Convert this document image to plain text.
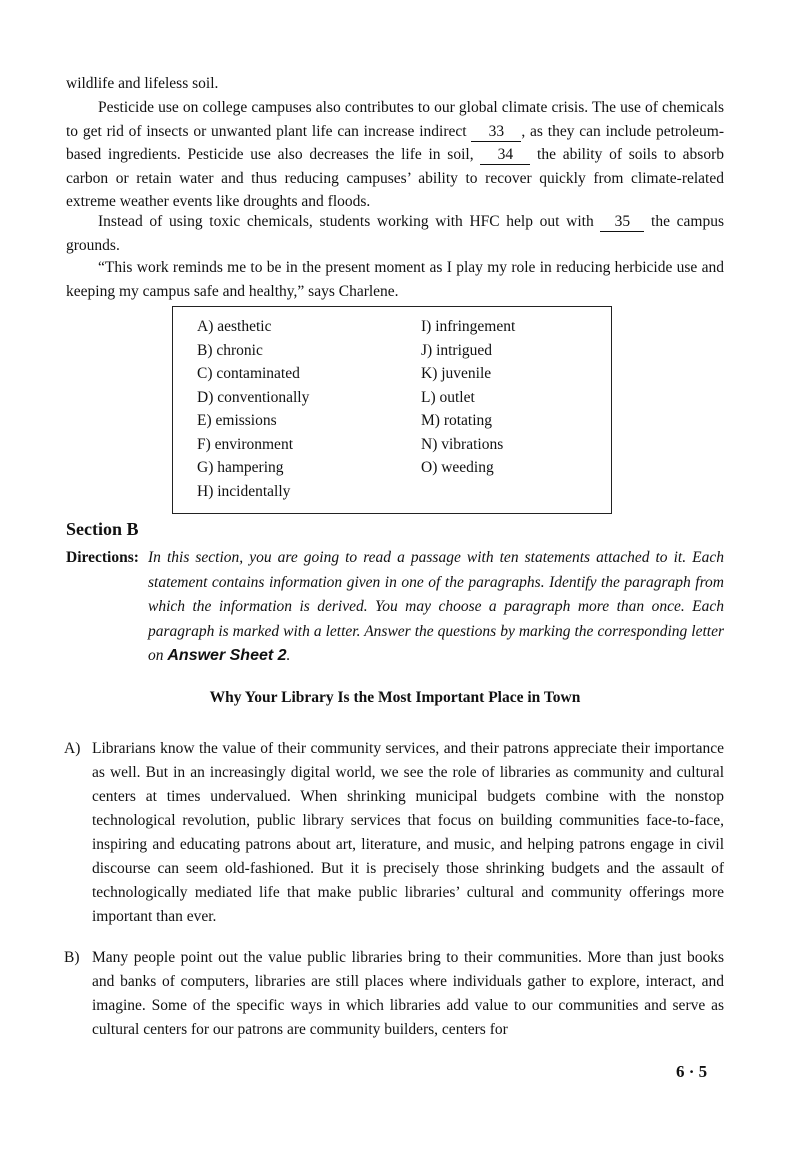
wildlife and lifeless soil.

Pesticide use on college campuses also contributes to our global climate crisis. The use of chemicals to get rid of insects or unwanted plant life can increase indirect 33 , as they can include petroleum-based ingredients. Pesticide use also decreases the life in soil, 34 the ability of soils to absorb carbon or retain water and thus reducing campuses’ ability to recover quickly from climate-related extreme weather events like droughts and floods.

Instead of using toxic chemicals, students working with HFC help out with 35 the campus grounds.

“This work reminds me to be in the present moment as I play my role in reducing herbicide use and keeping my campus safe and healthy,” says Charlene.

A) aesthetic
B) chronic
C) contaminated
D) conventionally
E) emissions
F) environment
G) hampering
H) incidentally
I) infringement
J) intrigued
K) juvenile
L) outlet
M) rotating
N) vibrations
O) weeding
Section B
Directions: In this section, you are going to read a passage with ten statements attached to it. Each statement contains information given in one of the paragraphs. Identify the paragraph from which the information is derived. You may choose a paragraph more than once. Each paragraph is marked with a letter. Answer the questions by marking the corresponding letter on Answer Sheet 2.

Why Your Library Is the Most Important Place in Town
A) Librarians know the value of their community services, and their patrons appreciate their importance as well. But in an increasingly digital world, we see the role of libraries as community and cultural centers at times undervalued. When shrinking municipal budgets combine with the nonstop technological revolution, public library services that focus on building communities face-to-face, inspiring and educating patrons about art, literature, and music, and helping patrons engage in civil discourse can seem old-fashioned. But it is precisely those shrinking budgets and the assault of technologically mediated life that make public libraries’ cultural and community offerings more important than ever.
B) Many people point out the value public libraries bring to their communities. More than just books and banks of computers, libraries are still places where individuals gather to explore, interact, and imagine. Some of the specific ways in which libraries add value to our communities and serve as cultural centers for our patrons are community builders, centers for
6 · 5
